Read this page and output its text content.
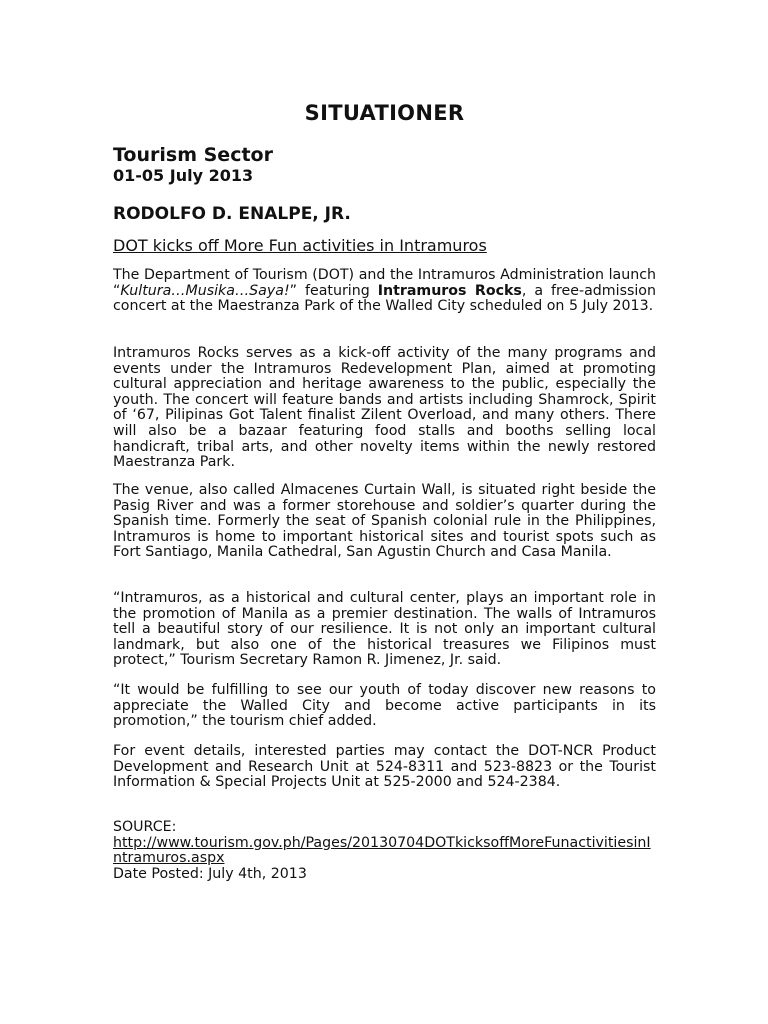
SITUATIONER
Tourism Sector
01-05 July 2013
RODOLFO D. ENALPE, JR.
DOT kicks off More Fun activities in Intramuros

The Department of Tourism (DOT) and the Intramuros Administration launch “Kultura…Musika…Saya!” featuring Intramuros Rocks, a free-admission concert at the Maestranza Park of the Walled City scheduled on 5 July 2013.

Intramuros Rocks serves as a kick-off activity of the many programs and events under the Intramuros Redevelopment Plan, aimed at promoting cultural appreciation and heritage awareness to the public, especially the youth. The concert will feature bands and artists including Shamrock, Spirit of ‘67, Pilipinas Got Talent finalist Zilent Overload, and many others. There will also be a bazaar featuring food stalls and booths selling local handicraft, tribal arts, and other novelty items within the newly restored Maestranza Park.

The venue, also called Almacenes Curtain Wall, is situated right beside the Pasig River and was a former storehouse and soldier’s quarter during the Spanish time. Formerly the seat of Spanish colonial rule in the Philippines, Intramuros is home to important historical sites and tourist spots such as Fort Santiago, Manila Cathedral, San Agustin Church and Casa Manila.

“Intramuros, as a historical and cultural center, plays an important role in the promotion of Manila as a premier destination. The walls of Intramuros tell a beautiful story of our resilience. It is not only an important cultural landmark, but also one of the historical treasures we Filipinos must protect,” Tourism Secretary Ramon R. Jimenez, Jr. said.

“It would be fulfilling to see our youth of today discover new reasons to appreciate the Walled City and become active participants in its promotion,” the tourism chief added.

For event details, interested parties may contact the DOT-NCR Product Development and Research Unit at 524-8311 and 523-8823 or the Tourist Information & Special Projects Unit at 525-2000 and 524-2384.

SOURCE:
http://www.tourism.gov.ph/Pages/20130704DOTkicksoffMoreFunactivitiesinIntramuros.aspx
Date Posted: July 4th, 2013
